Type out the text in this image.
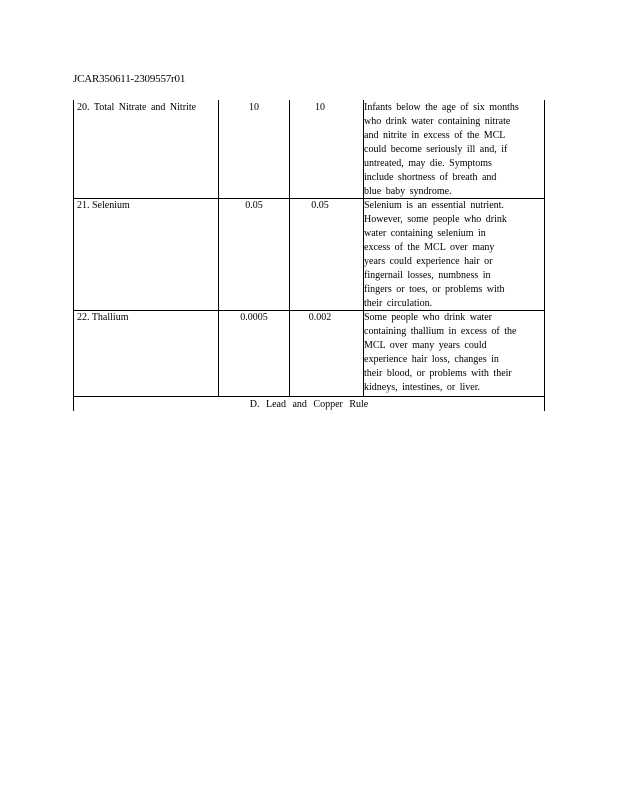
JCAR350611-2309557r01
20. Total Nitrate and Nitrite	10	10	Infants below the age of six months
who drink water containing nitrate
and nitrite in excess of the MCL
could become seriously ill and, if
untreated, may die. Symptoms
include shortness of breath and
blue baby syndrome.
21. Selenium	0.05	0.05	Selenium is an essential nutrient.
However, some people who drink
water containing selenium in
excess of the MCL over many
years could experience hair or
fingernail losses, numbness in
fingers or toes, or problems with
their circulation.
22. Thallium	0.0005	0.002	Some people who drink water
containing thallium in excess of the
MCL over many years could
experience hair loss, changes in
their blood, or problems with their
kidneys, intestines, or liver.
D. Lead and Copper Rule
